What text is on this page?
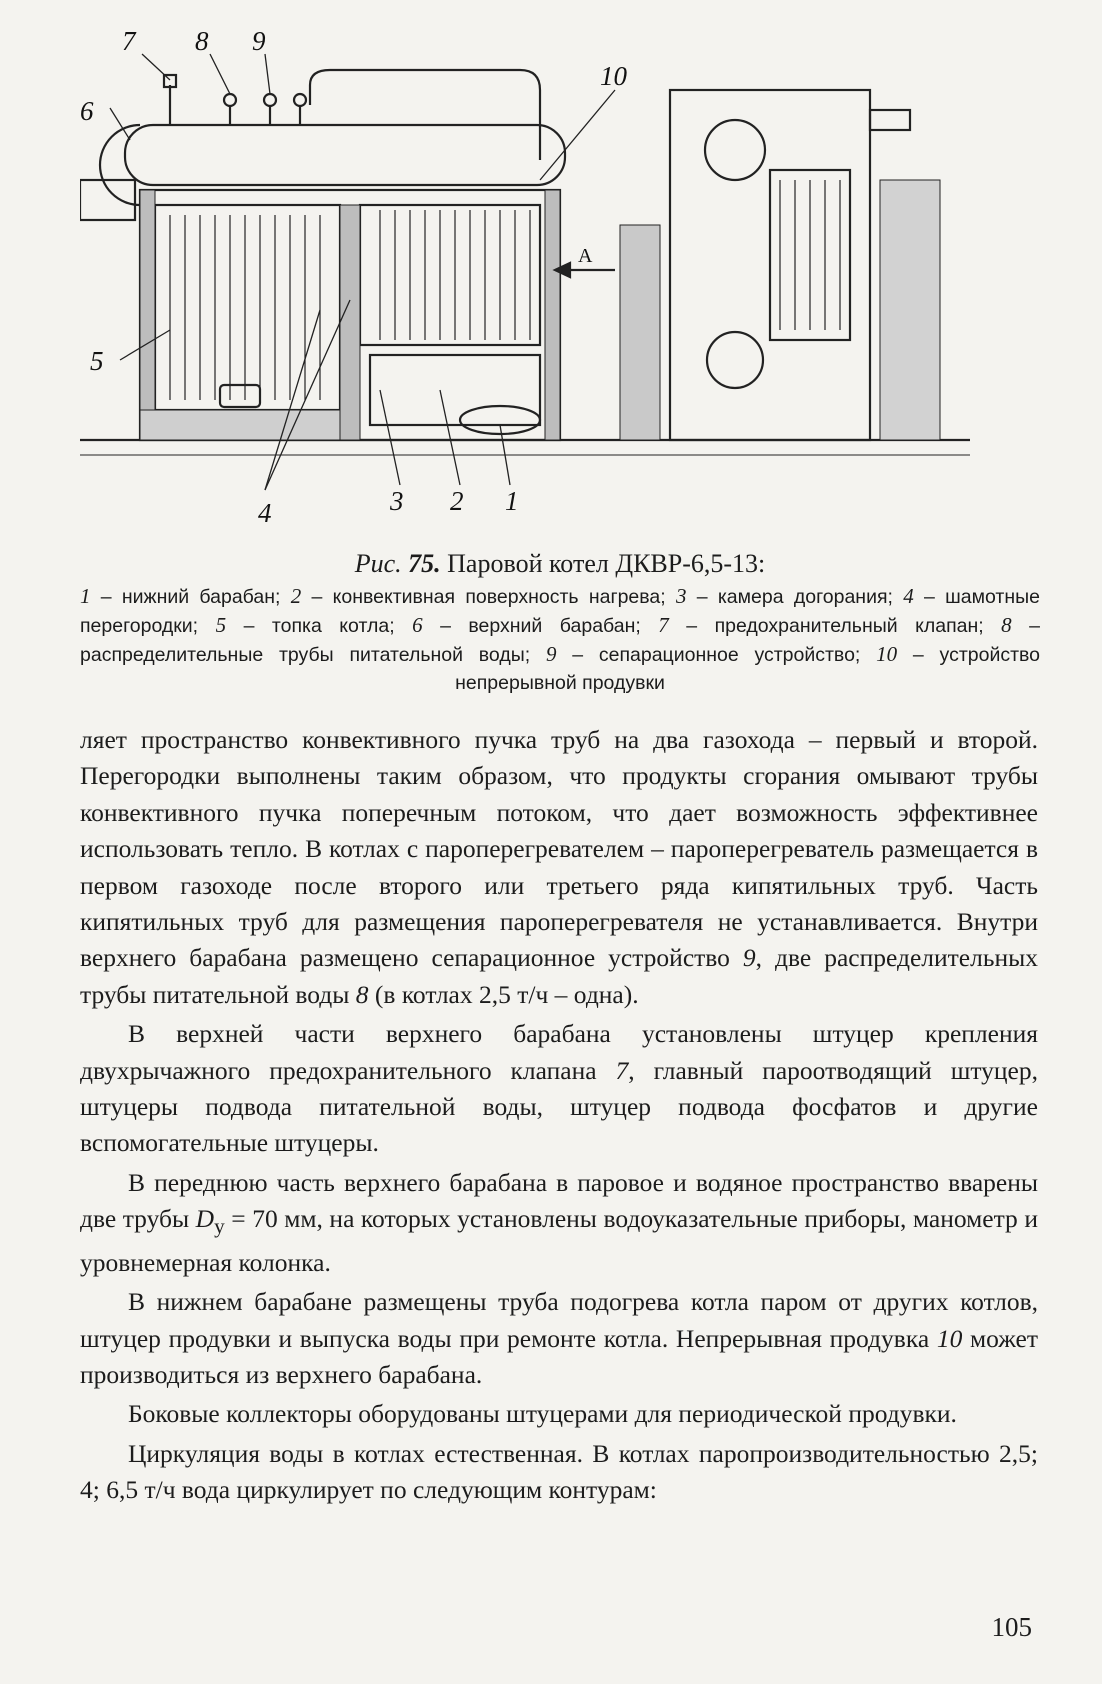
7 8 9
10
6
5
4	3 2 1
A

Рис. 75. Паровой котел ДКВР-6,5-13:

1 – нижний барабан; 2 – конвективная поверхность нагрева; 3 – камера догорания; 4 – шамотные перегородки; 5 – топка котла; 6 – верхний барабан; 7 – предохранительный клапан; 8 – распределительные трубы питательной воды; 9 – сепарационное устройство; 10 – устройство непрерывной продувки

ляет пространство конвективного пучка труб на два газохода – первый и второй. Перегородки выполнены таким образом, что продукты сгорания омывают трубы конвективного пучка поперечным потоком, что дает возможность эффективнее использовать тепло. В котлах с пароперегревателем – пароперегреватель размещается в первом газоходе после второго или третьего ряда кипятильных труб. Часть кипятильных труб для размещения пароперегревателя не устанавливается. Внутри верхнего барабана размещено сепарационное устройство 9, две распределительных трубы питательной воды 8 (в котлах 2,5 т/ч – одна).

В верхней части верхнего барабана установлены штуцер крепления двухрычажного предохранительного клапана 7, главный пароотводящий штуцер, штуцеры подвода питательной воды, штуцер подвода фосфатов и другие вспомогательные штуцеры.

В переднюю часть верхнего барабана в паровое и водяное пространство вварены две трубы $D_у = 70$ мм, на которых установлены водоуказательные приборы, манометр и уровнемерная колонка.

В нижнем барабане размещены труба подогрева котла паром от других котлов, штуцер продувки и выпуска воды при ремонте котла. Непрерывная продувка 10 может производиться из верхнего барабана.

Боковые коллекторы оборудованы штуцерами для периодической продувки.

Циркуляция воды в котлах естественная. В котлах паропроизводительностью 2,5; 4; 6,5 т/ч вода циркулирует по следующим контурам:

105
